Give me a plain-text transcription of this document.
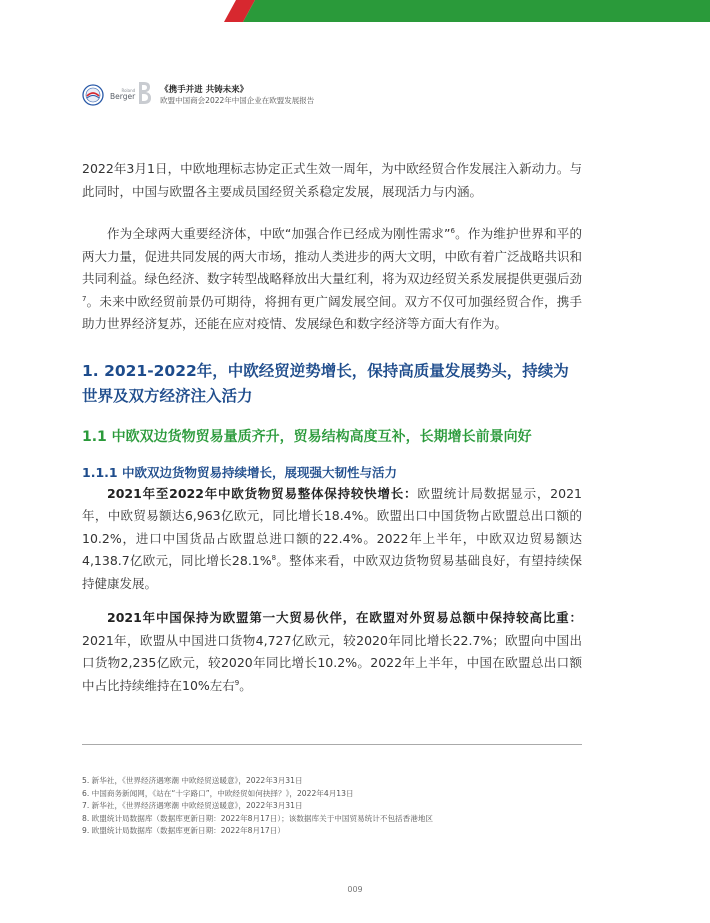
Roland
Berger
《携手并进 共铸未来》
欧盟中国商会2022年中国企业在欧盟发展报告

2022年3月1日，中欧地理标志协定正式生效一周年，为中欧经贸合作发展注入新动力。与此同时，中国与欧盟各主要成员国经贸关系稳定发展，展现活力与内涵。

作为全球两大重要经济体，中欧“加强合作已经成为刚性需求”$^6$。作为维护世界和平的两大力量，促进共同发展的两大市场，推动人类进步的两大文明，中欧有着广泛战略共识和共同利益。绿色经济、数字转型战略释放出大量红利，将为双边经贸关系发展提供更强后劲$^7$。未来中欧经贸前景仍可期待，将拥有更广阔发展空间。双方不仅可加强经贸合作，携手助力世界经济复苏，还能在应对疫情、发展绿色和数字经济等方面大有作为。

1. 2021-2022年，中欧经贸逆势增长，保持高质量发展势头，持续为世界及双方经济注入活力
1.1 中欧双边货物贸易量质齐升，贸易结构高度互补，长期增长前景向好
1.1.1 中欧双边货物贸易持续增长，展现强大韧性与活力

2021年至2022年中欧货物贸易整体保持较快增长：欧盟统计局数据显示，2021年，中欧贸易额达6,963亿欧元，同比增长18.4%。欧盟出口中国货物占欧盟总出口额的10.2%，进口中国货品占欧盟总进口额的22.4%。2022年上半年，中欧双边贸易额达4,138.7亿欧元，同比增长28.1%$^8$。整体来看，中欧双边货物贸易基础良好，有望持续保持健康发展。

2021年中国保持为欧盟第一大贸易伙伴，在欧盟对外贸易总额中保持较高比重：2021年，欧盟从中国进口货物4,727亿欧元，较2020年同比增长22.7%；欧盟向中国出口货物2,235亿欧元，较2020年同比增长10.2%。2022年上半年，中国在欧盟总出口额中占比持续维持在10%左右$^9$。

5. 新华社，《世界经济遇寒潮 中欧经贸送暖意》，2022年3月31日

6. 中国商务新闻网，《站在“十字路口”，中欧经贸如何抉择？》，2022年4月13日

7. 新华社，《世界经济遇寒潮 中欧经贸送暖意》，2022年3月31日

8. 欧盟统计局数据库（数据库更新日期：2022年8月17日）；该数据库关于中国贸易统计不包括香港地区

9. 欧盟统计局数据库（数据库更新日期：2022年8月17日）

009
